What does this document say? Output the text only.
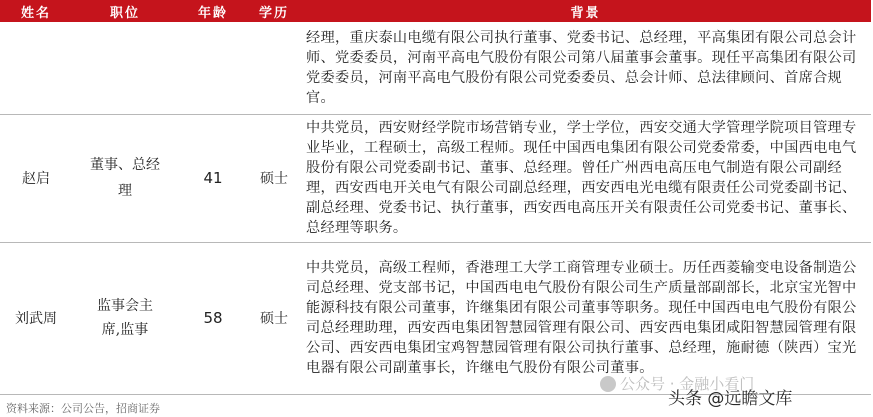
姓名	职位	年龄	学历	背景
				经理，重庆泰山电缆有限公司执行董事、党委书记、总经理，平高集团有限公司总会计师、党委委员，河南平高电气股份有限公司第八届董事会董事。现任平高集团有限公司党委委员，河南平高电气股份有限公司党委委员、总会计师、总法律顾问、首席合规官。
赵启	董事、总经理	41	硕士	中共党员，西安财经学院市场营销专业，学士学位，西安交通大学管理学院项目管理专业毕业，工程硕士，高级工程师。现任中国西电集团有限公司党委常委，中国西电电气股份有限公司党委副书记、董事、总经理。曾任广州西电高压电气制造有限公司副经理，西安西电开关电气有限公司副总经理，西安西电光电缆有限责任公司党委副书记、副总经理、党委书记、执行董事，西安西电高压开关有限责任公司党委书记、董事长、总经理等职务。
刘武周	监事会主席,监事	58	硕士	中共党员，高级工程师，香港理工大学工商管理专业硕士。历任西菱输变电设备制造公司总经理、党支部书记，中国西电电气股份有限公司生产质量部副部长，北京宝光智中能源科技有限公司董事，许继集团有限公司董事等职务。现任中国西电电气股份有限公司总经理助理，西安西电集团智慧园管理有限公司、西安西电集团咸阳智慧园管理有限公司、西安西电集团宝鸡智慧园管理有限公司执行董事、总经理，施耐德（陕西）宝光电器有限公司副董事长，许继电气股份有限公司董事。
公众号 · 金融小看门
头条 @远瞻文库
资料来源：公司公告，招商证券
